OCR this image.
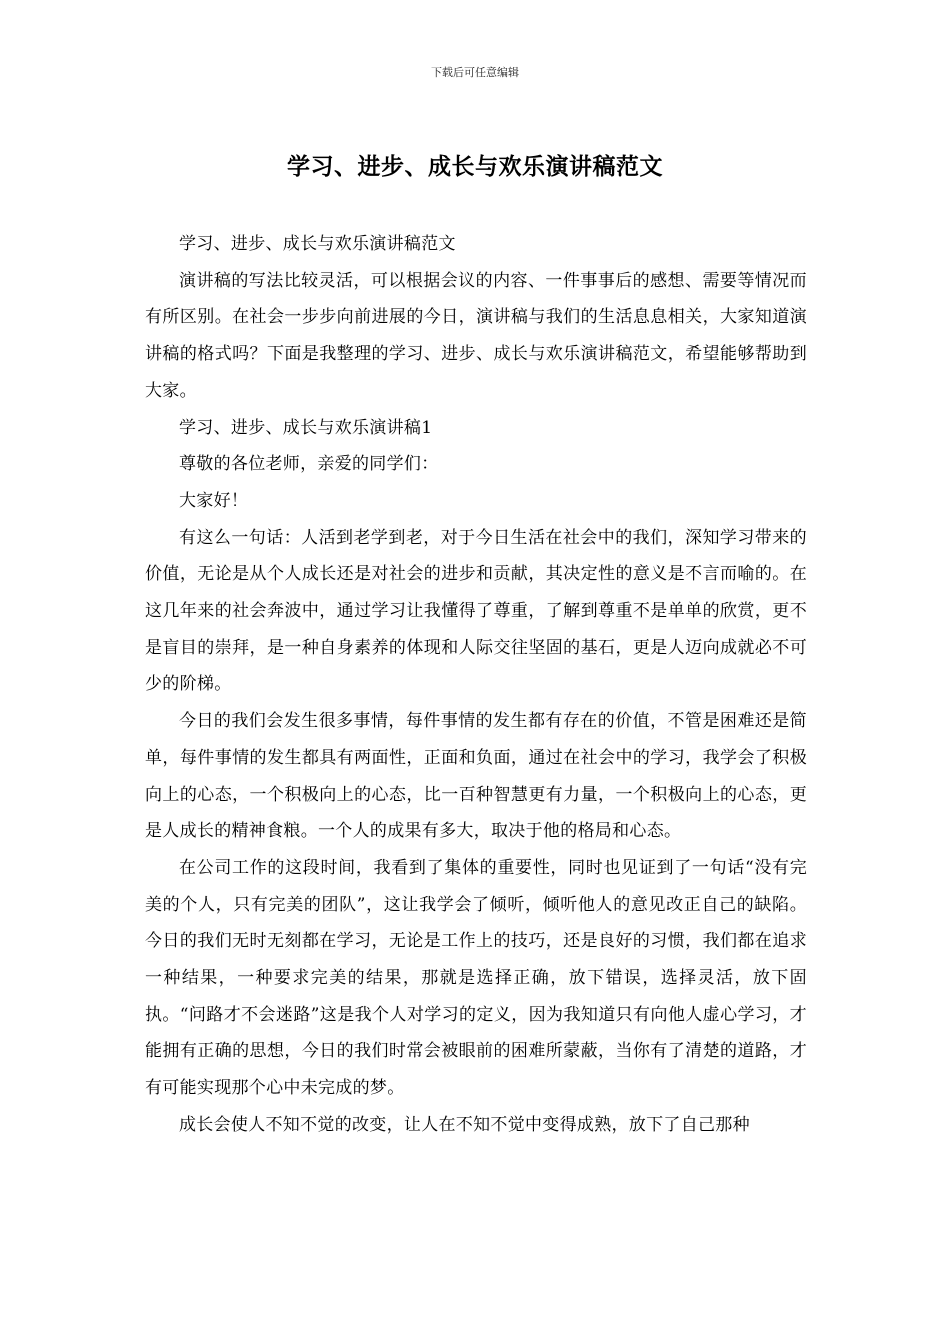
下载后可任意编辑
学习、进步、成长与欢乐演讲稿范文

学习、进步、成长与欢乐演讲稿范文

演讲稿的写法比较灵活，可以根据会议的内容、一件事事后的感想、需要等情况而有所区别。在社会一步步向前进展的今日，演讲稿与我们的生活息息相关，大家知道演讲稿的格式吗？下面是我整理的学习、进步、成长与欢乐演讲稿范文，希望能够帮助到大家。

学习、进步、成长与欢乐演讲稿1

尊敬的各位老师，亲爱的同学们：

大家好！

有这么一句话：人活到老学到老，对于今日生活在社会中的我们，深知学习带来的价值，无论是从个人成长还是对社会的进步和贡献，其决定性的意义是不言而喻的。在这几年来的社会奔波中，通过学习让我懂得了尊重，了解到尊重不是单单的欣赏，更不是盲目的崇拜，是一种自身素养的体现和人际交往坚固的基石，更是人迈向成就必不可少的阶梯。

今日的我们会发生很多事情，每件事情的发生都有存在的价值，不管是困难还是简单，每件事情的发生都具有两面性，正面和负面，通过在社会中的学习，我学会了积极向上的心态，一个积极向上的心态，比一百种智慧更有力量，一个积极向上的心态，更是人成长的精神食粮。一个人的成果有多大，取决于他的格局和心态。

在公司工作的这段时间，我看到了集体的重要性，同时也见证到了一句话“没有完美的个人，只有完美的团队”，这让我学会了倾听，倾听他人的意见改正自己的缺陷。今日的我们无时无刻都在学习，无论是工作上的技巧，还是良好的习惯，我们都在追求一种结果，一种要求完美的结果，那就是选择正确，放下错误，选择灵活，放下固执。“问路才不会迷路”这是我个人对学习的定义，因为我知道只有向他人虚心学习，才能拥有正确的思想，今日的我们时常会被眼前的困难所蒙蔽，当你有了清楚的道路，才有可能实现那个心中未完成的梦。

成长会使人不知不觉的改变，让人在不知不觉中变得成熟，放下了自己那种
